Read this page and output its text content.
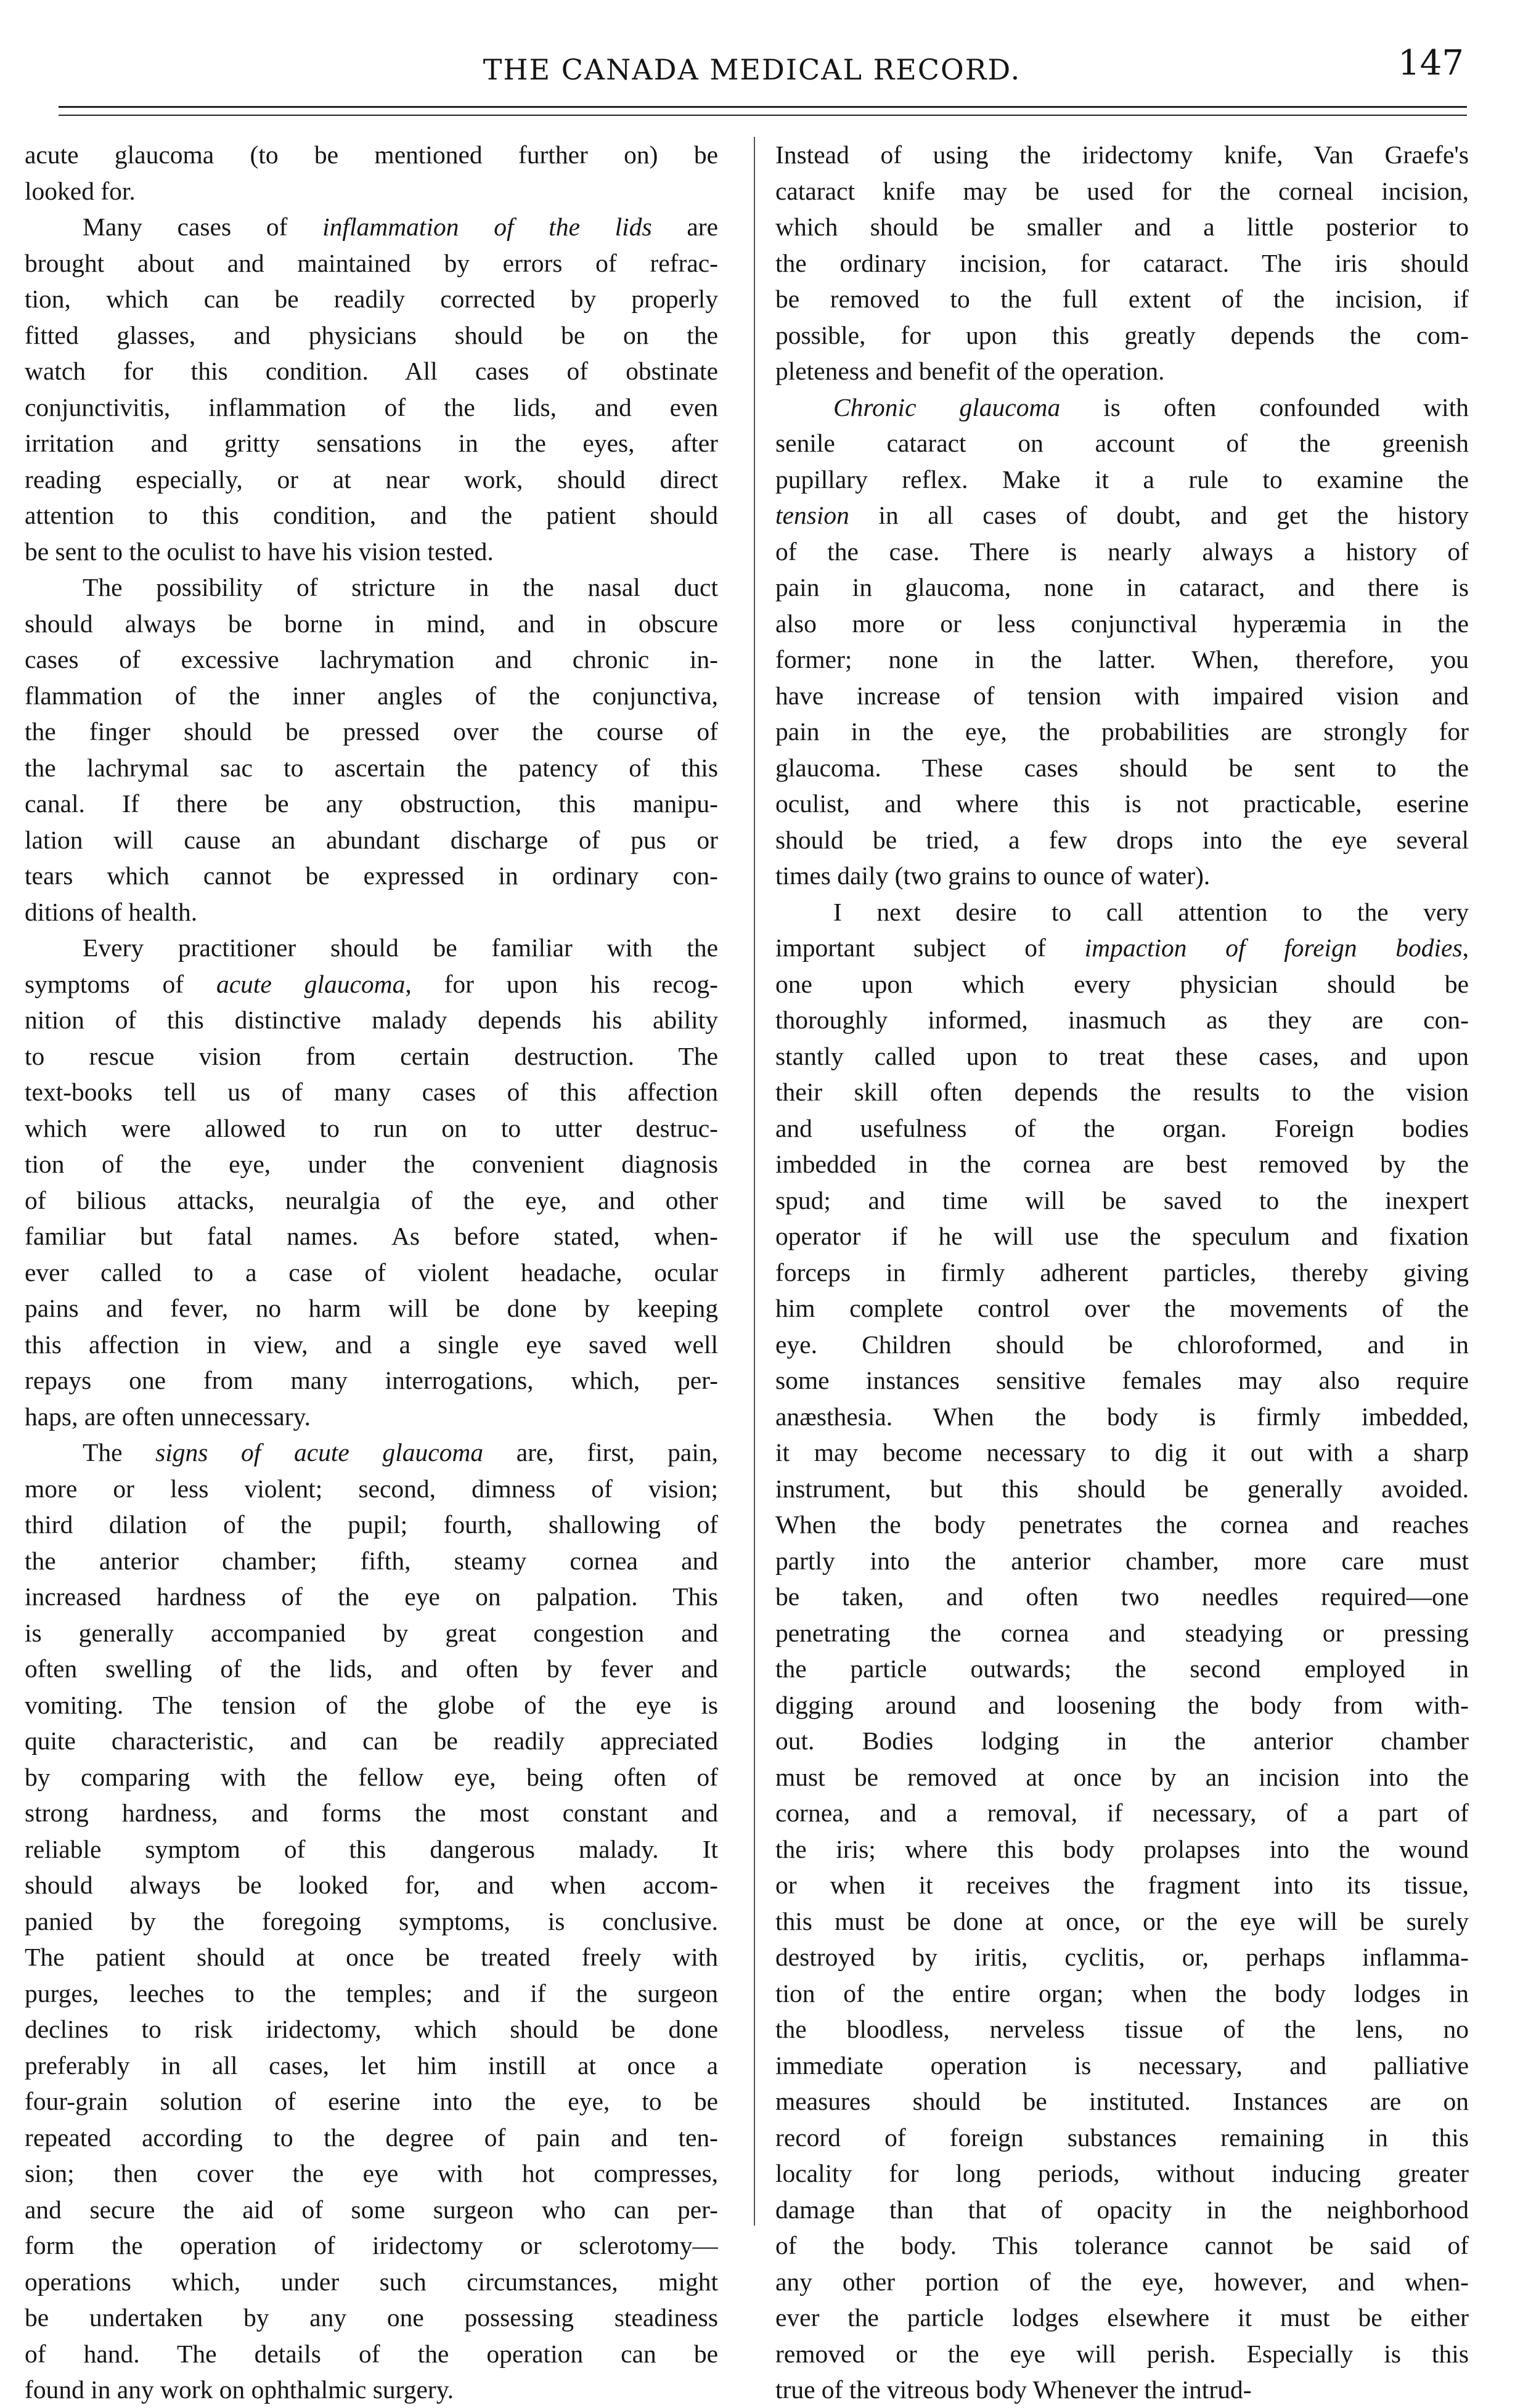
THE CANADA MEDICAL RECORD.	147
acute glaucoma (to be mentioned further on) be
looked for.
Many cases of inflammation of the lids are
brought about and maintained by errors of refrac-
tion, which can be readily corrected by properly
fitted glasses, and physicians should be on the
watch for this condition. All cases of obstinate
conjunctivitis, inflammation of the lids, and even
irritation and gritty sensations in the eyes, after
reading especially, or at near work, should direct
attention to this condition, and the patient should
be sent to the oculist to have his vision tested.
The possibility of stricture in the nasal duct
should always be borne in mind, and in obscure
cases of excessive lachrymation and chronic in-
flammation of the inner angles of the conjunctiva,
the finger should be pressed over the course of
the lachrymal sac to ascertain the patency of this
canal. If there be any obstruction, this manipu-
lation will cause an abundant discharge of pus or
tears which cannot be expressed in ordinary con-
ditions of health.
Every practitioner should be familiar with the
symptoms of acute glaucoma, for upon his recog-
nition of this distinctive malady depends his ability
to rescue vision from certain destruction. The
text-books tell us of many cases of this affection
which were allowed to run on to utter destruc-
tion of the eye, under the convenient diagnosis
of bilious attacks, neuralgia of the eye, and other
familiar but fatal names. As before stated, when-
ever called to a case of violent headache, ocular
pains and fever, no harm will be done by keeping
this affection in view, and a single eye saved well
repays one from many interrogations, which, per-
haps, are often unnecessary.
The signs of acute glaucoma are, first, pain,
more or less violent; second, dimness of vision;
third dilation of the pupil; fourth, shallowing of
the anterior chamber; fifth, steamy cornea and
increased hardness of the eye on palpation. This
is generally accompanied by great congestion and
often swelling of the lids, and often by fever and
vomiting. The tension of the globe of the eye is
quite characteristic, and can be readily appreciated
by comparing with the fellow eye, being often of
strong hardness, and forms the most constant and
reliable symptom of this dangerous malady. It
should always be looked for, and when accom-
panied by the foregoing symptoms, is conclusive.
The patient should at once be treated freely with
purges, leeches to the temples; and if the surgeon
declines to risk iridectomy, which should be done
preferably in all cases, let him instill at once a
four-grain solution of eserine into the eye, to be
repeated according to the degree of pain and ten-
sion; then cover the eye with hot compresses,
and secure the aid of some surgeon who can per-
form the operation of iridectomy or sclerotomy—
operations which, under such circumstances, might
be undertaken by any one possessing steadiness
of hand. The details of the operation can be
found in any work on ophthalmic surgery.
Instead of using the iridectomy knife, Van Graefe's
cataract knife may be used for the corneal incision,
which should be smaller and a little posterior to
the ordinary incision, for cataract. The iris should
be removed to the full extent of the incision, if
possible, for upon this greatly depends the com-
pleteness and benefit of the operation.
Chronic glaucoma is often confounded with
senile cataract on account of the greenish
pupillary reflex. Make it a rule to examine the
tension in all cases of doubt, and get the history
of the case. There is nearly always a history of
pain in glaucoma, none in cataract, and there is
also more or less conjunctival hyperæmia in the
former; none in the latter. When, therefore, you
have increase of tension with impaired vision and
pain in the eye, the probabilities are strongly for
glaucoma. These cases should be sent to the
oculist, and where this is not practicable, eserine
should be tried, a few drops into the eye several
times daily (two grains to ounce of water).
I next desire to call attention to the very
important subject of impaction of foreign bodies,
one upon which every physician should be
thoroughly informed, inasmuch as they are con-
stantly called upon to treat these cases, and upon
their skill often depends the results to the vision
and usefulness of the organ. Foreign bodies
imbedded in the cornea are best removed by the
spud; and time will be saved to the inexpert
operator if he will use the speculum and fixation
forceps in firmly adherent particles, thereby giving
him complete control over the movements of the
eye. Children should be chloroformed, and in
some instances sensitive females may also require
anæsthesia. When the body is firmly imbedded,
it may become necessary to dig it out with a sharp
instrument, but this should be generally avoided.
When the body penetrates the cornea and reaches
partly into the anterior chamber, more care must
be taken, and often two needles required—one
penetrating the cornea and steadying or pressing
the particle outwards; the second employed in
digging around and loosening the body from with-
out. Bodies lodging in the anterior chamber
must be removed at once by an incision into the
cornea, and a removal, if necessary, of a part of
the iris; where this body prolapses into the wound
or when it receives the fragment into its tissue,
this must be done at once, or the eye will be surely
destroyed by iritis, cyclitis, or, perhaps inflamma-
tion of the entire organ; when the body lodges in
the bloodless, nerveless tissue of the lens, no
immediate operation is necessary, and palliative
measures should be instituted. Instances are on
record of foreign substances remaining in this
locality for long periods, without inducing greater
damage than that of opacity in the neighborhood
of the body. This tolerance cannot be said of
any other portion of the eye, however, and when-
ever the particle lodges elsewhere it must be either
removed or the eye will perish. Especially is this
true of the vitreous body Whenever the intrud-
